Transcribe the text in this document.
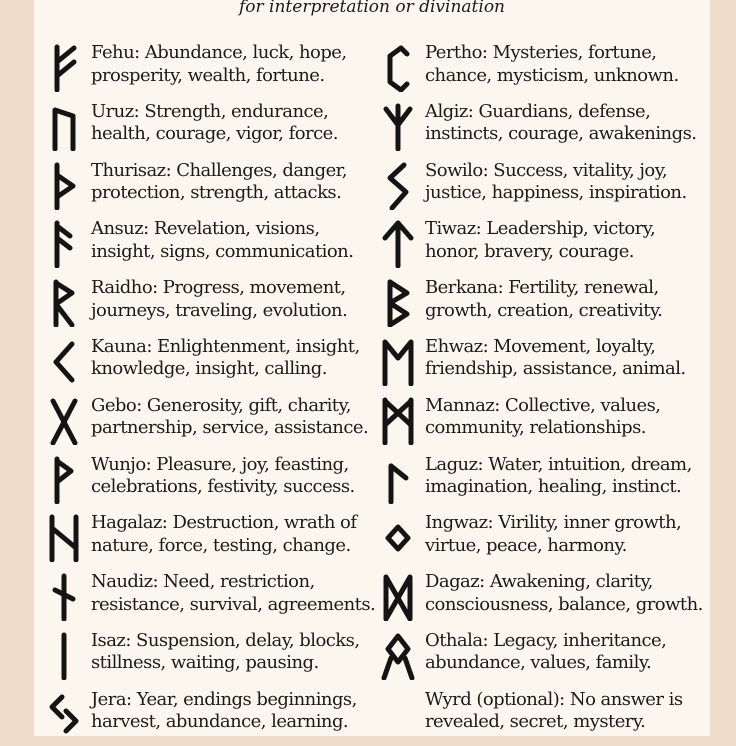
for interpretation or divination
Fehu: Abundance, luck, hope,
prosperity, wealth, fortune.
Uruz: Strength, endurance,
health, courage, vigor, force.
Thurisaz: Challenges, danger,
protection, strength, attacks.
Ansuz: Revelation, visions,
insight, signs, communication.
Raidho: Progress, movement,
journeys, traveling, evolution.
Kauna: Enlightenment, insight,
knowledge, insight, calling.
Gebo: Generosity, gift, charity,
partnership, service, assistance.
Wunjo: Pleasure, joy, feasting,
celebrations, festivity, success.
Hagalaz: Destruction, wrath of
nature, force, testing, change.
Naudiz: Need, restriction,
resistance, survival, agreements.
Isaz: Suspension, delay, blocks,
stillness, waiting, pausing.
Jera: Year, endings beginnings,
harvest, abundance, learning.
Pertho: Mysteries, fortune,
chance, mysticism, unknown.
Algiz: Guardians, defense,
instincts, courage, awakenings.
Sowilo: Success, vitality, joy,
justice, happiness, inspiration.
Tiwaz: Leadership, victory,
honor, bravery, courage.
Berkana: Fertility, renewal,
growth, creation, creativity.
Ehwaz: Movement, loyalty,
friendship, assistance, animal.
Mannaz: Collective, values,
community, relationships.
Laguz: Water, intuition, dream,
imagination, healing, instinct.
Ingwaz: Virility, inner growth,
virtue, peace, harmony.
Dagaz: Awakening, clarity,
consciousness, balance, growth.
Othala: Legacy, inheritance,
abundance, values, family.
Wyrd (optional): No answer is
revealed, secret, mystery.
